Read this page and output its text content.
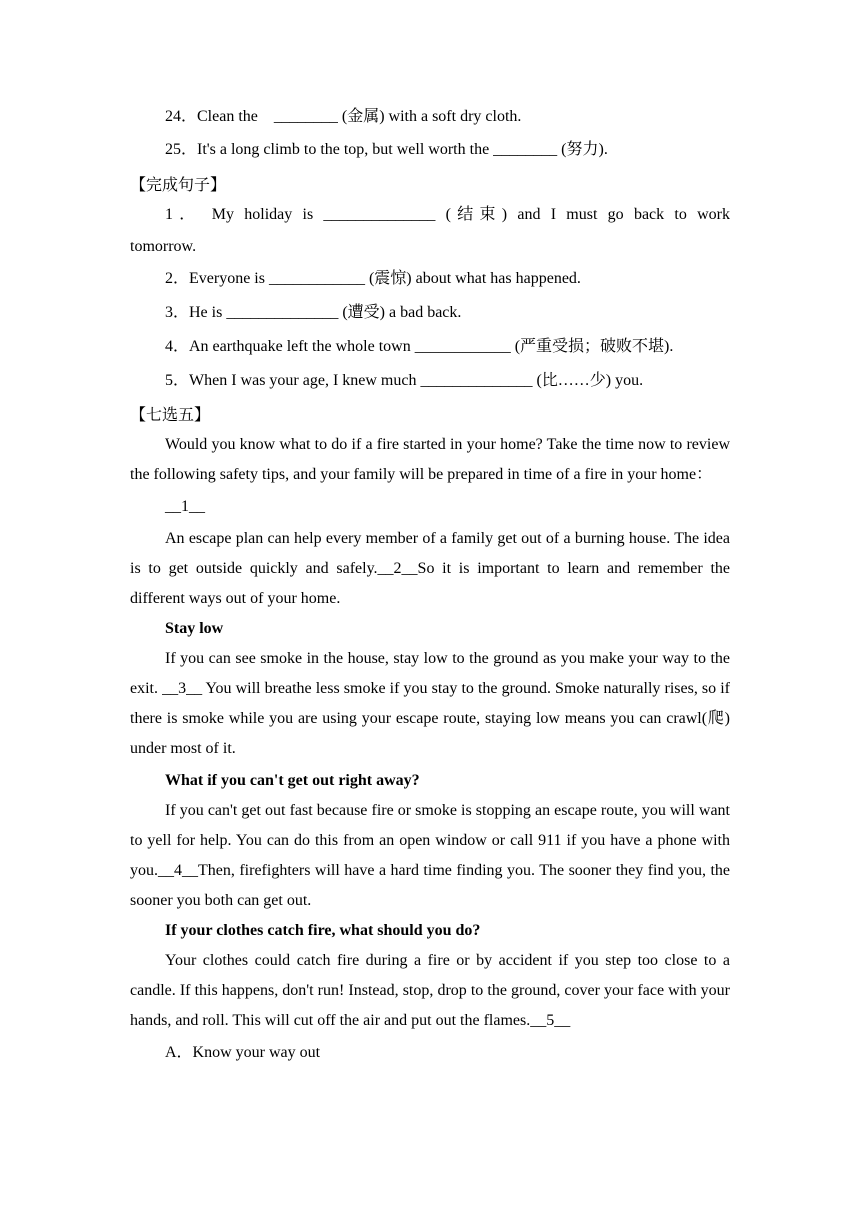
24．Clean the    ________ (金属) with a soft dry cloth.
25．It's a long climb to the top, but well worth the ________ (努力).
【完成句子】
1． My holiday is ______________ (结束) and I must go back to work
tomorrow.
2．Everyone is ____________ (震惊) about what has happened.
3．He is ______________ (遭受) a bad back.
4．An earthquake left the whole town ____________ (严重受损；破败不堪).
5．When I was your age, I knew much ______________ (比……少) you.
【七选五】

Would you know what to do if a fire started in your home? Take the time now to review the following safety tips, and your family will be prepared in time of a fire in your home：

__1__

An escape plan can help every member of a family get out of a burning house. The idea is to get outside quickly and safely.__2__So it is important to learn and remember the different ways out of your home.

Stay low

If you can see smoke in the house, stay low to the ground as you make your way to the exit. __3__ You will breathe less smoke if you stay to the ground. Smoke naturally rises, so if there is smoke while you are using your escape route, staying low means you can crawl(爬) under most of it.

What if you can't get out right away?

If you can't get out fast because fire or smoke is stopping an escape route, you will want to yell for help. You can do this from an open window or call 911 if you have a phone with you.__4__Then, firefighters will have a hard time finding you. The sooner they find you, the sooner you both can get out.

If your clothes catch fire, what should you do?

Your clothes could catch fire during a fire or by accident if you step too close to a candle. If this happens, don't run! Instead, stop, drop to the ground, cover your face with your hands, and roll. This will cut off the air and put out the flames.__5__

A．Know your way out
